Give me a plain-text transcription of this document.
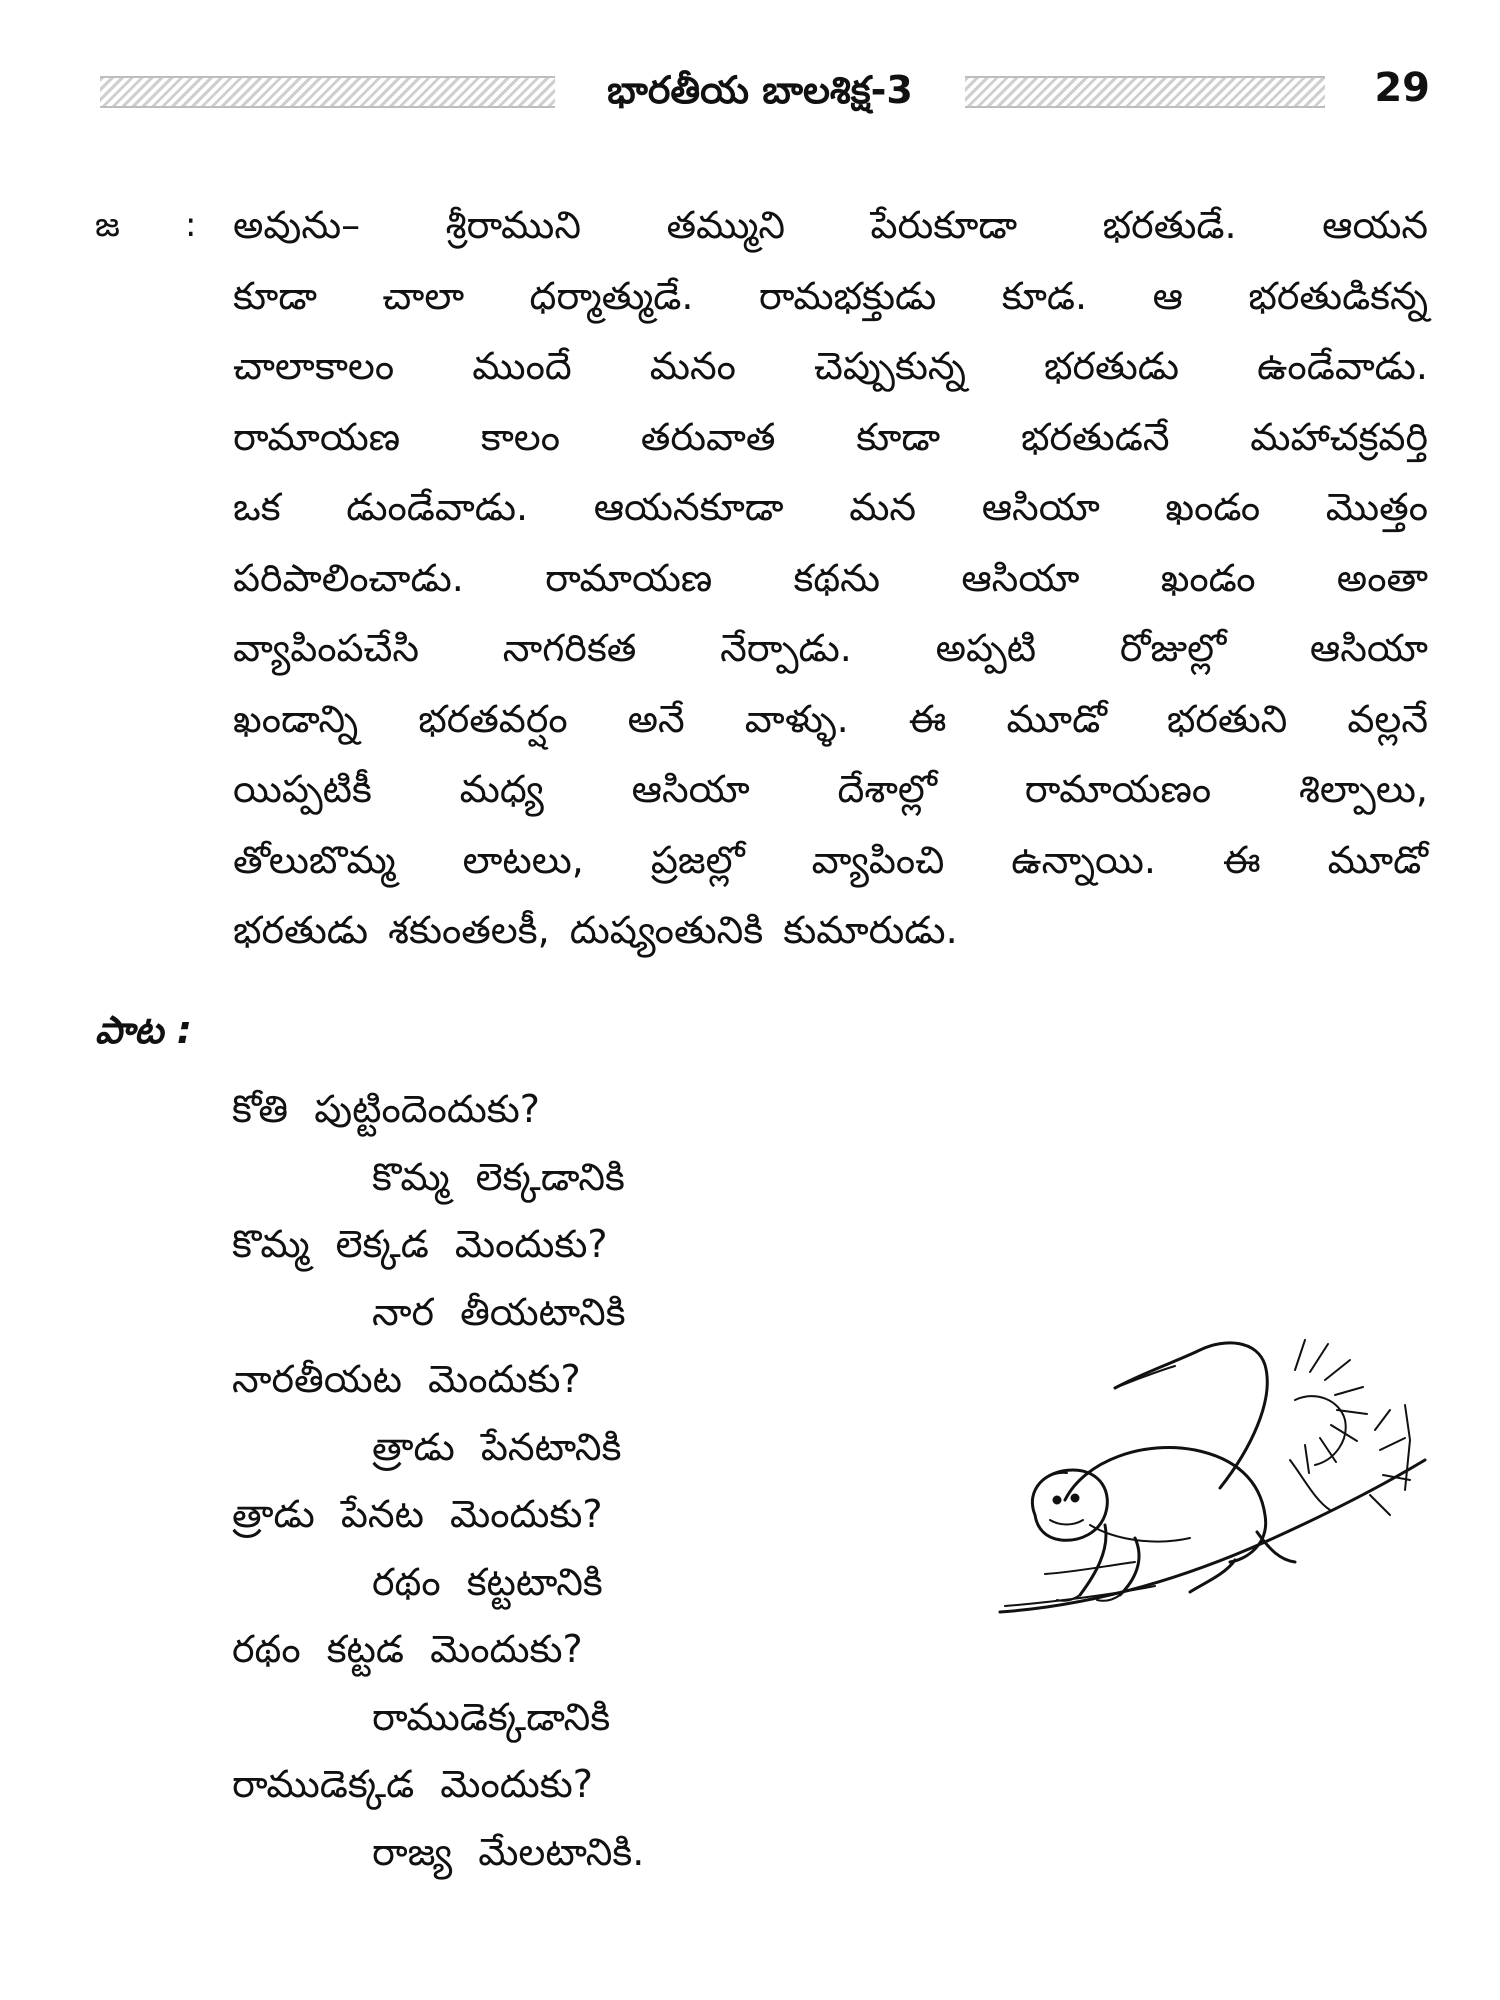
భారతీయ బాలశిక్ష-3	29
జ : అవును– శ్రీరాముని తమ్ముని పేరుకూడా భరతుడే. ఆయన
కూడా చాలా ధర్మాత్ముడే. రామభక్తుడు కూడ. ఆ భరతుడికన్న
చాలాకాలం ముందే మనం చెప్పుకున్న భరతుడు ఉండేవాడు.
రామాయణ కాలం తరువాత కూడా భరతుడనే మహాచక్రవర్తి
ఒక డుండేవాడు. ఆయనకూడా మన ఆసియా ఖండం మొత్తం
పరిపాలించాడు. రామాయణ కథను ఆసియా ఖండం అంతా
వ్యాపింపచేసి నాగరికత నేర్పాడు. అప్పటి రోజుల్లో ఆసియా
ఖండాన్ని భరతవర్షం అనే వాళ్ళు. ఈ మూడో భరతుని వల్లనే
యిప్పటికీ మధ్య ఆసియా దేశాల్లో రామాయణం శిల్పాలు,
తోలుబొమ్మ లాటలు, ప్రజల్లో వ్యాపించి ఉన్నాయి. ఈ మూడో
భరతుడు శకుంతలకీ, దుష్యంతునికి కుమారుడు.
పాట :
కోతి పుట్టిందెందుకు?
కొమ్మ లెక్కడానికి
కొమ్మ లెక్కడ మెందుకు?
నార తీయటానికి
నారతీయట మెందుకు?
త్రాడు పేనటానికి
త్రాడు పేనట మెందుకు?
రథం కట్టటానికి
రథం కట్టడ మెందుకు?
రాముడెక్కడానికి
రాముడెక్కడ మెందుకు?
రాజ్య మేలటానికి.
